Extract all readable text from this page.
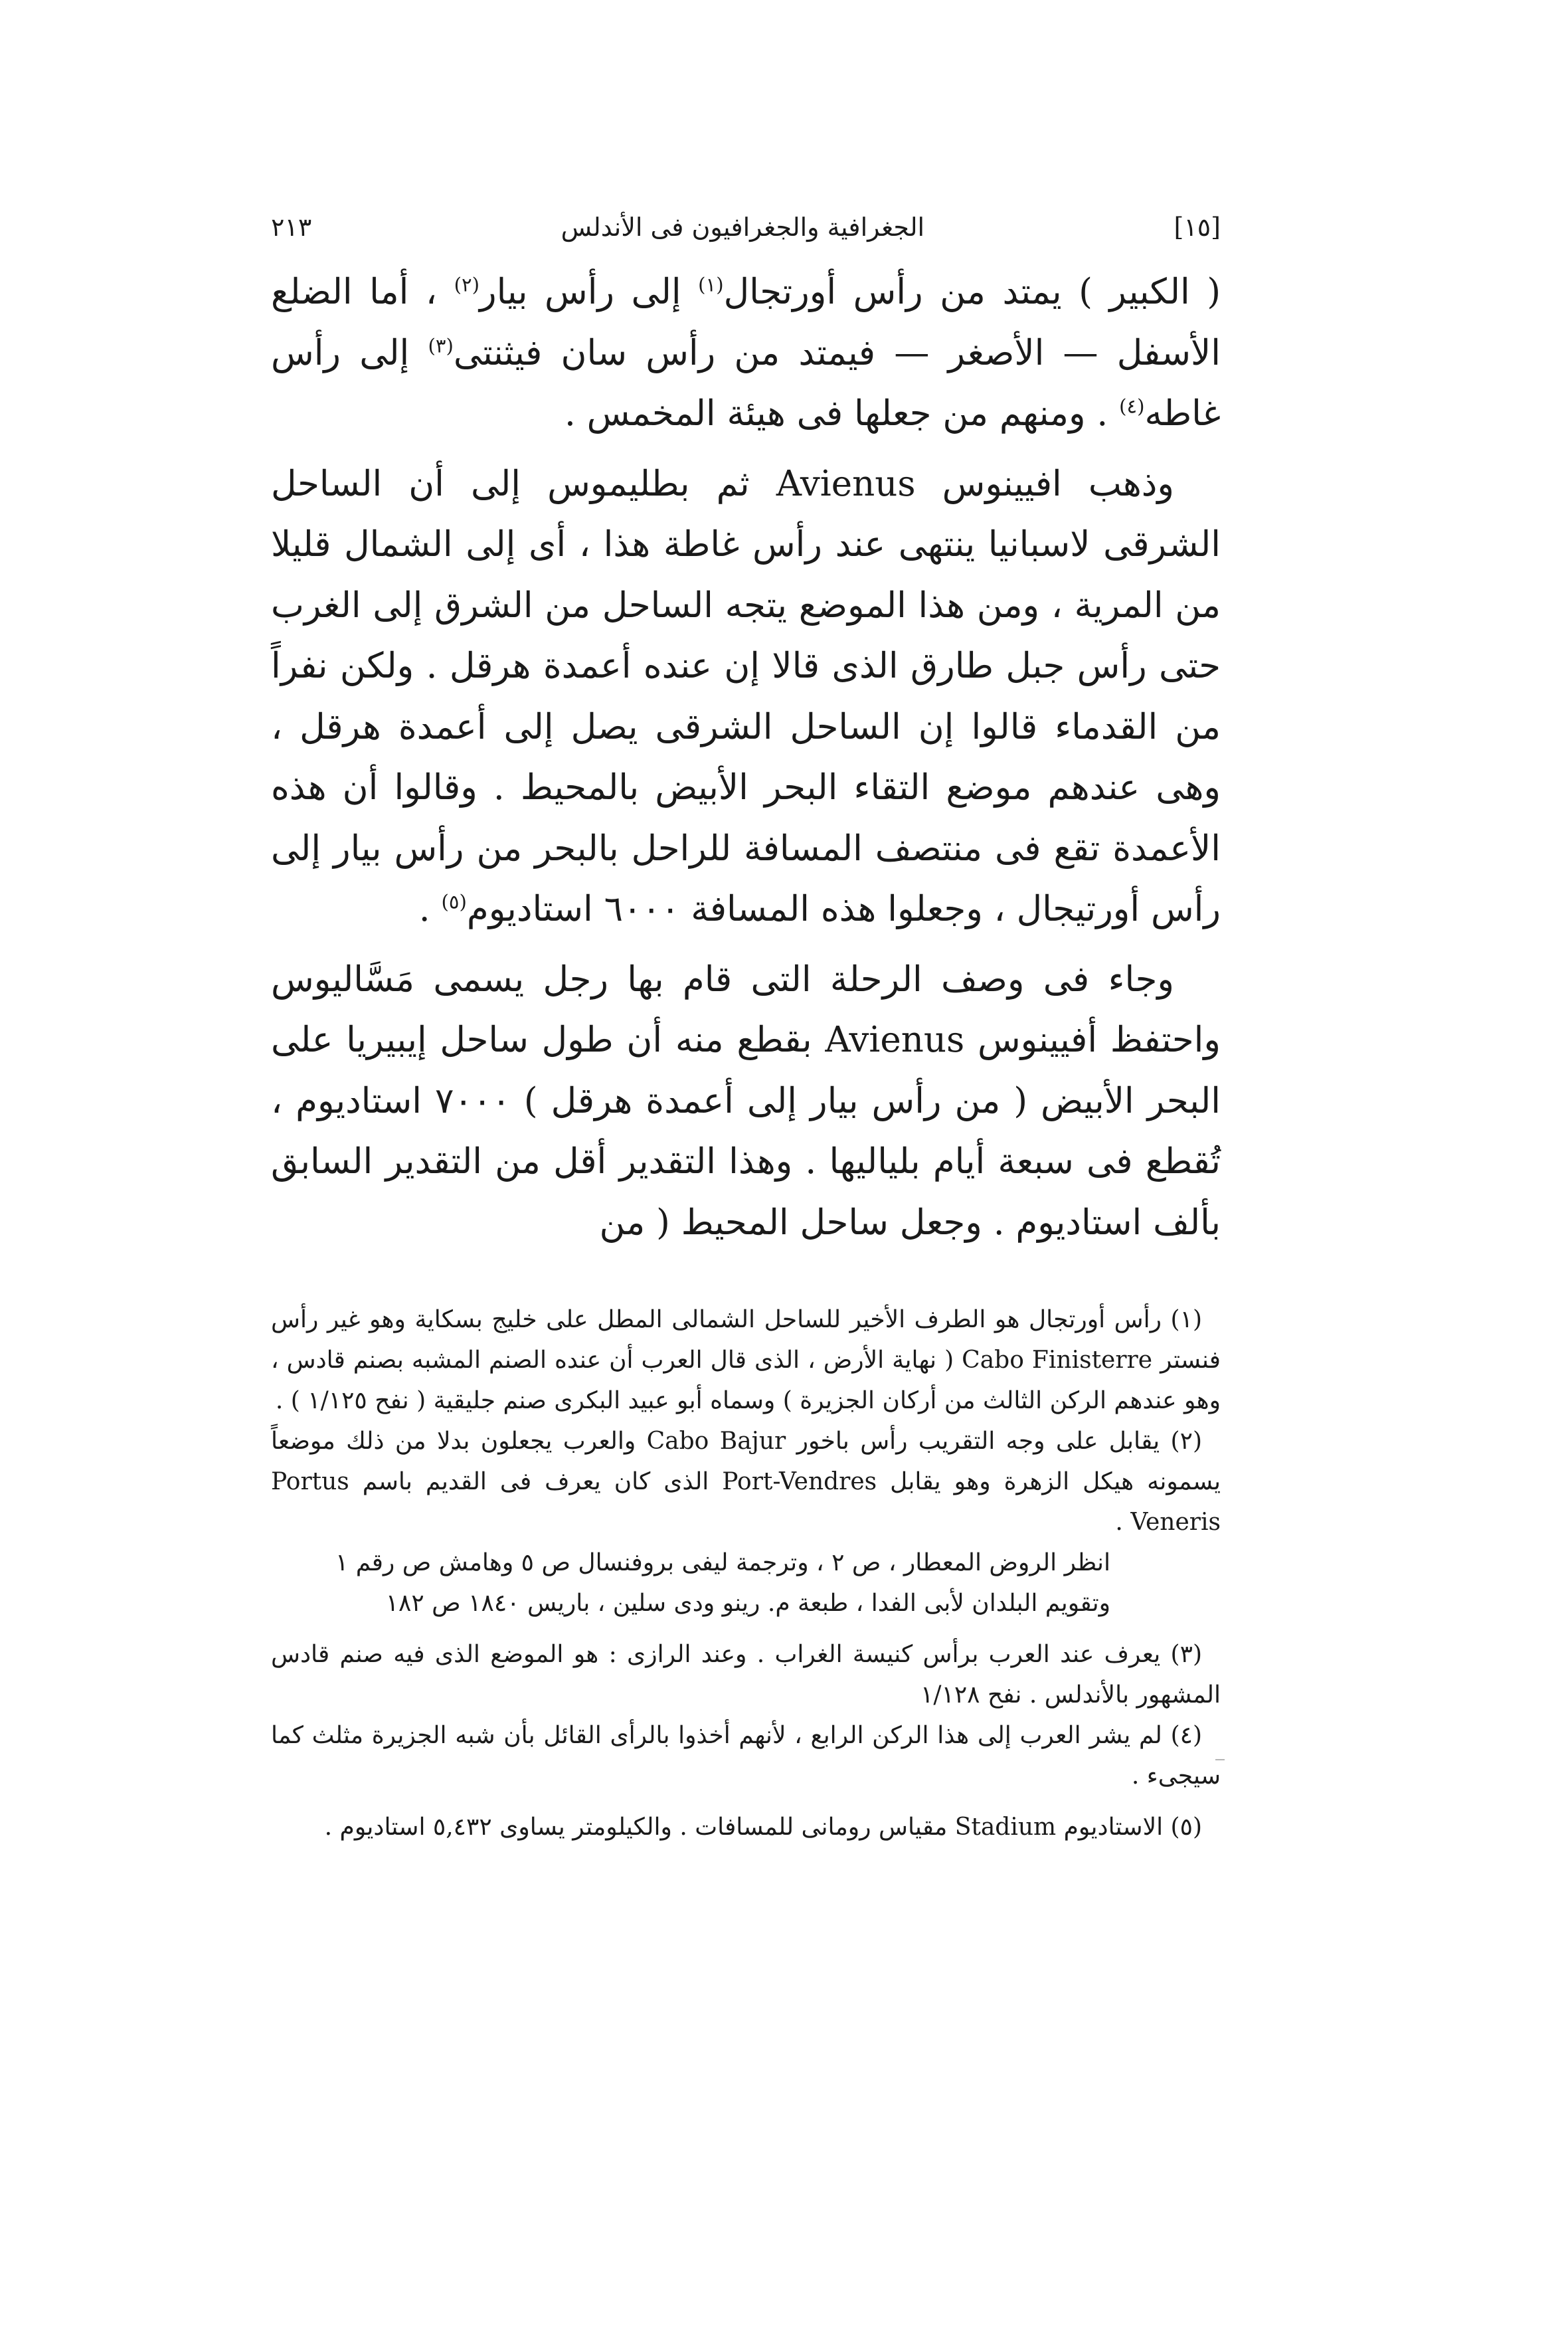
[١٥]
الجغرافية والجغرافيون فى الأندلس
٢١٣

( الكبير ) يمتد من رأس أورتجال$^{(١)}$ إلى رأس بيار$^{(٢)}$ ، أما الضلع الأسفل — الأصغر — فيمتد من رأس سان فيثنتى$^{(٣)}$ إلى رأس غاطه$^{(٤)}$ . ومنهم من جعلها فى هيئة المخمس .

وذهب افيينوس Avienus ثم بطليموس إلى أن الساحل الشرقى لاسبانيا ينتهى عند رأس غاطة هذا ، أى إلى الشمال قليلا من المرية ، ومن هذا الموضع يتجه الساحل من الشرق إلى الغرب حتى رأس جبل طارق الذى قالا إن عنده أعمدة هرقل . ولكن نفراً من القدماء قالوا إن الساحل الشرقى يصل إلى أعمدة هرقل ، وهى عندهم موضع التقاء البحر الأبيض بالمحيط . وقالوا أن هذه الأعمدة تقع فى منتصف المسافة للراحل بالبحر من رأس بيار إلى رأس أورتيجال ، وجعلوا هذه المسافة ٦٠٠٠ استاديوم$^{(٥)}$ .

وجاء فى وصف الرحلة التى قام بها رجل يسمى مَسَّاليوس واحتفظ أفيينوس Avienus بقطع منه أن طول ساحل إيبيريا على البحر الأبيض ( من رأس بيار إلى أعمدة هرقل ) ٧٠٠٠ استاديوم ، تُقطع فى سبعة أيام بلياليها . وهذا التقدير أقل من التقدير السابق بألف استاديوم . وجعل ساحل المحيط ( من

(١) رأس أورتجال هو الطرف الأخير للساحل الشمالى المطل على خليج بسكاية وهو غير رأس فنستر Cabo Finisterre ( نهاية الأرض ، الذى قال العرب أن عنده الصنم المشبه بصنم قادس ، وهو عندهم الركن الثالث من أركان الجزيرة ) وسماه أبو عبيد البكرى صنم جليقية ( نفح ١/١٢٥ ) .

(٢) يقابل على وجه التقريب رأس باخور Cabo Bajur والعرب يجعلون بدلا من ذلك موضعاً يسمونه هيكل الزهرة وهو يقابل Port-Vendres الذى كان يعرف فى القديم باسم Portus Veneris .

انظر الروض المعطار ، ص ٢ ، وترجمة ليفى بروفنسال ص ٥ وهامش ص رقم ١

وتقويم البلدان لأبى الفدا ، طبعة م. رينو ودى سلين ، باريس ١٨٤٠ ص ١٨٢

(٣) يعرف عند العرب برأس كنيسة الغراب . وعند الرازى : هو الموضع الذى فيه صنم قادس المشهور بالأندلس . نفح ١/١٢٨

(٤) لم يشر العرب إلى هذا الركن الرابع ، لأنهم أخذوا بالرأى القائل بأن شبه الجزيرة مثلث كما سيجىء .

(٥) الاستاديوم Stadium مقياس رومانى للمسافات . والكيلومتر يساوى ٥,٤٣٢ استاديوم .
